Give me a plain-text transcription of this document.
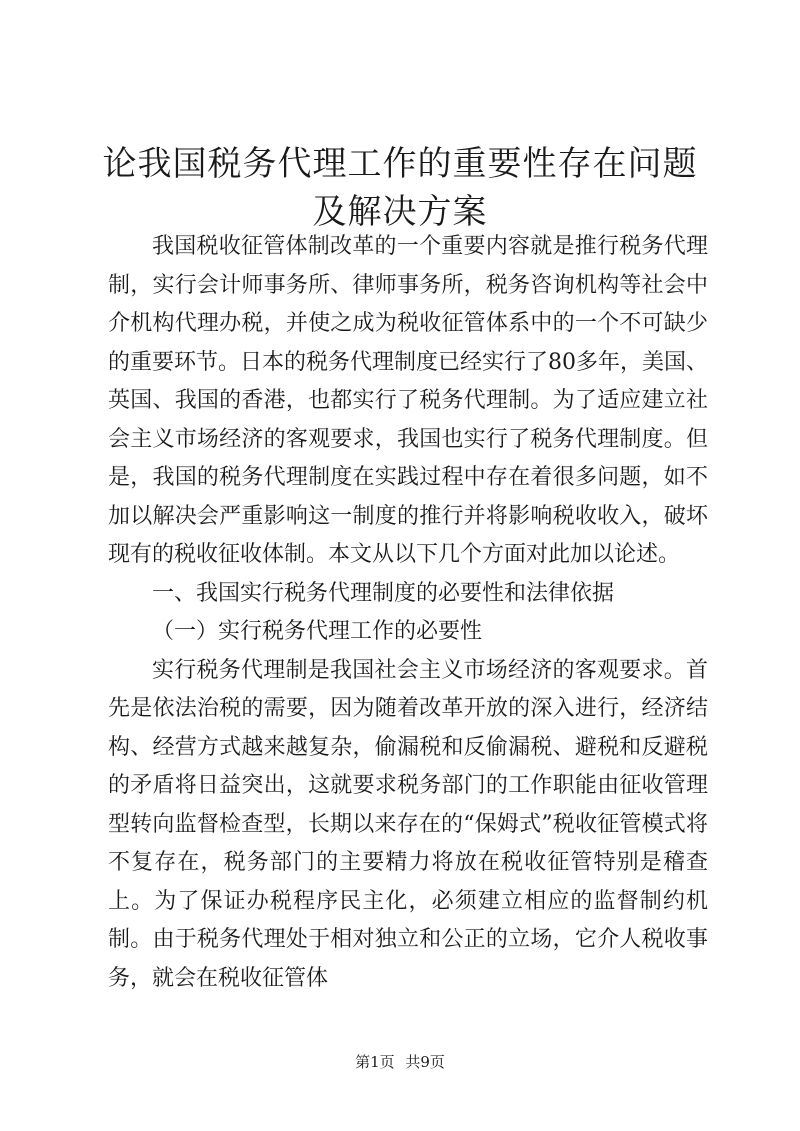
论我国税务代理工作的重要性存在问题及解决方案

我国税收征管体制改革的一个重要内容就是推行税务代理制，实行会计师事务所、律师事务所，税务咨询机构等社会中介机构代理办税，并使之成为税收征管体系中的一个不可缺少的重要环节。日本的税务代理制度已经实行了80多年，美国、英国、我国的香港，也都实行了税务代理制。为了适应建立社会主义市场经济的客观要求，我国也实行了税务代理制度。但是，我国的税务代理制度在实践过程中存在着很多问题，如不加以解决会严重影响这一制度的推行并将影响税收收入，破坏现有的税收征收体制。本文从以下几个方面对此加以论述。

一、我国实行税务代理制度的必要性和法律依据

（一）实行税务代理工作的必要性

实行税务代理制是我国社会主义市场经济的客观要求。首先是依法治税的需要，因为随着改革开放的深入进行，经济结构、经营方式越来越复杂，偷漏税和反偷漏税、避税和反避税的矛盾将日益突出，这就要求税务部门的工作职能由征收管理型转向监督检查型，长期以来存在的“保姆式”税收征管模式将不复存在，税务部门的主要精力将放在税收征管特别是稽查上。为了保证办税程序民主化，必须建立相应的监督制约机制。由于税务代理处于相对独立和公正的立场，它介人税收事务，就会在税收征管体

第1页 共9页
